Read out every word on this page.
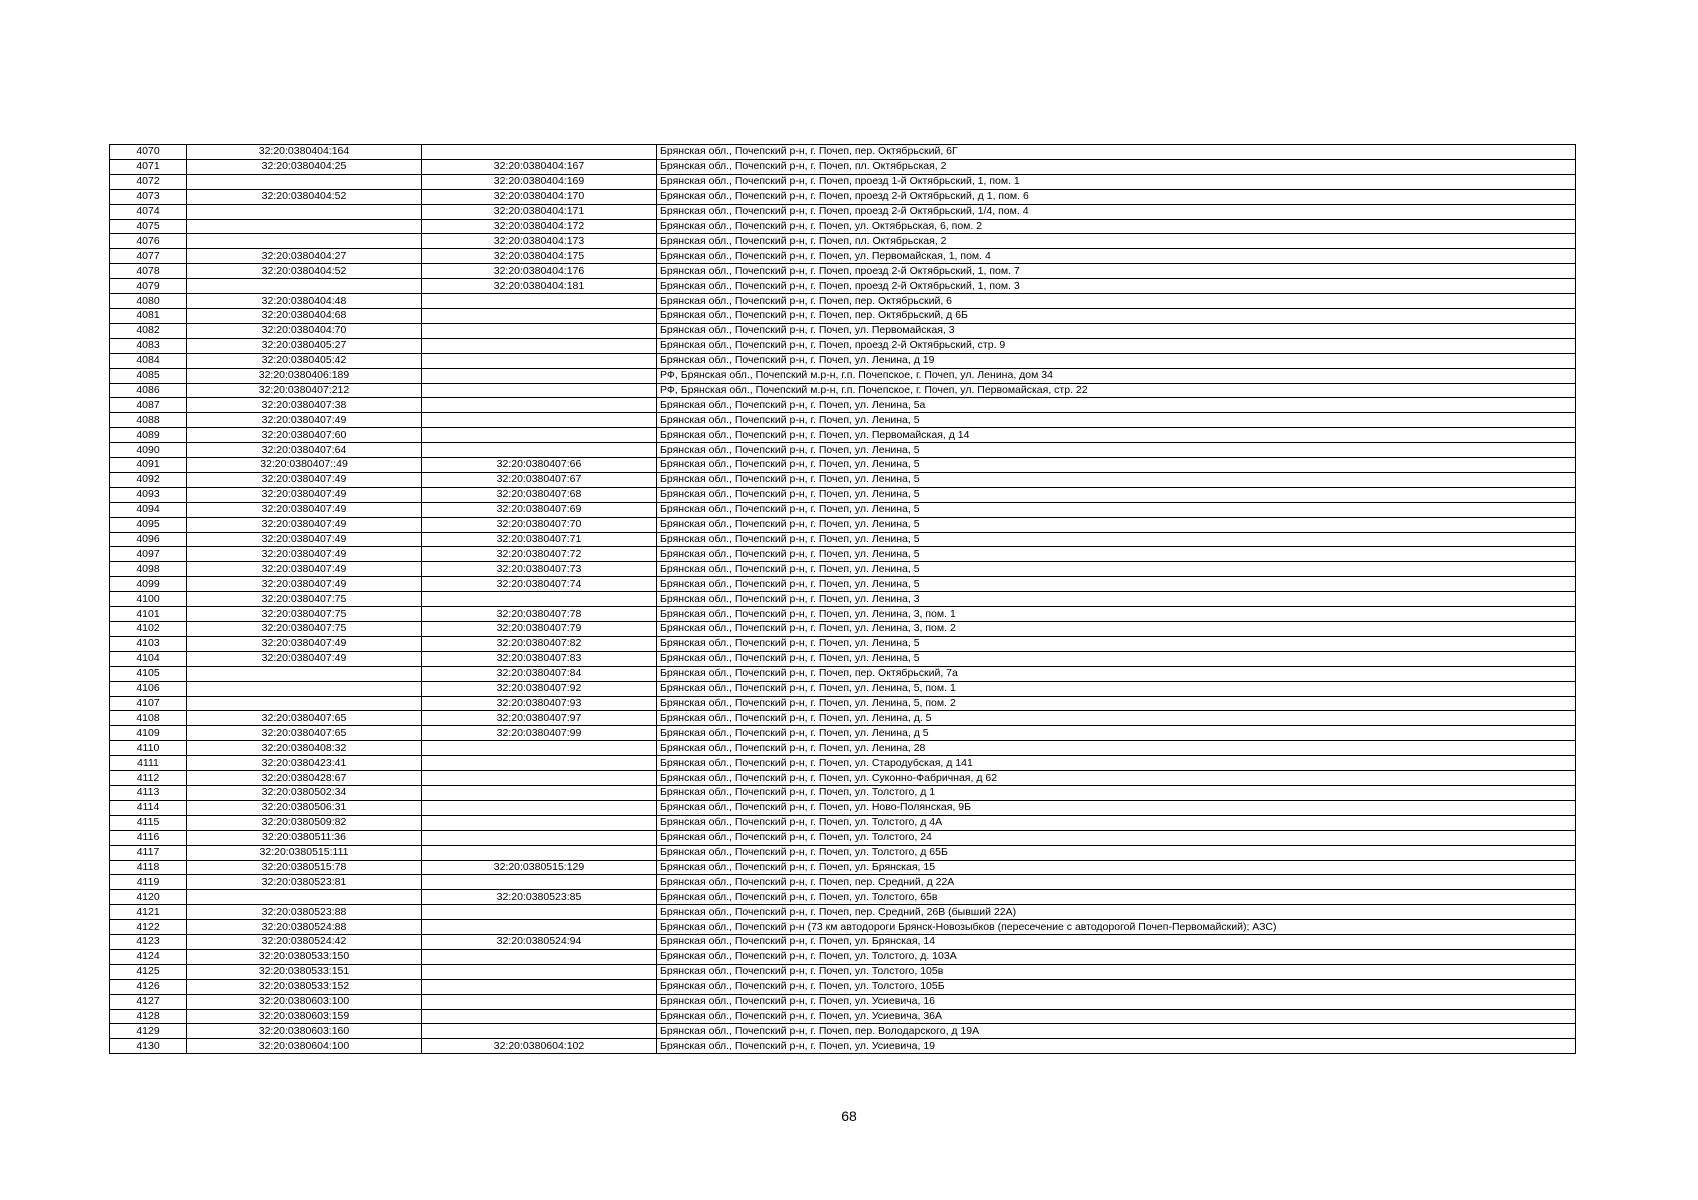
4070	32:20:0380404:164		Брянская обл., Почепский р-н, г. Почеп, пер. Октябрьский, 6Г
4071	32:20:0380404:25	32:20:0380404:167	Брянская обл., Почепский р-н, г. Почеп, пл. Октябрьская, 2
4072		32:20:0380404:169	Брянская обл., Почепский р-н, г. Почеп, проезд 1-й Октябрьский, 1, пом. 1
4073	32:20:0380404:52	32:20:0380404:170	Брянская обл., Почепский р-н, г. Почеп, проезд 2-й Октябрьский, д 1, пом. 6
4074		32:20:0380404:171	Брянская обл., Почепский р-н, г. Почеп, проезд 2-й Октябрьский, 1/4, пом. 4
4075		32:20:0380404:172	Брянская обл., Почепский р-н, г. Почеп, ул. Октябрьская, 6, пом. 2
4076		32:20:0380404:173	Брянская обл., Почепский р-н, г. Почеп, пл. Октябрьская, 2
4077	32:20:0380404:27	32:20:0380404:175	Брянская обл., Почепский р-н, г. Почеп, ул. Первомайская, 1, пом. 4
4078	32:20:0380404:52	32:20:0380404:176	Брянская обл., Почепский р-н, г. Почеп, проезд 2-й Октябрьский, 1, пом. 7
4079		32:20:0380404:181	Брянская обл., Почепский р-н, г. Почеп, проезд 2-й Октябрьский, 1, пом. 3
4080	32:20:0380404:48		Брянская обл., Почепский р-н, г. Почеп, пер. Октябрьский, 6
4081	32:20:0380404:68		Брянская обл., Почепский р-н, г. Почеп, пер. Октябрьский, д 6Б
4082	32:20:0380404:70		Брянская обл., Почепский р-н, г. Почеп, ул. Первомайская, 3
4083	32:20:0380405:27		Брянская обл., Почепский р-н, г. Почеп, проезд 2-й Октябрьский, стр. 9
4084	32:20:0380405:42		Брянская обл., Почепский р-н, г. Почеп, ул. Ленина, д 19
4085	32:20:0380406:189		РФ, Брянская обл., Почепский м.р-н, г.п. Почепское, г. Почеп, ул. Ленина, дом 34
4086	32:20:0380407:212		РФ, Брянская обл., Почепский м.р-н, г.п. Почепское, г. Почеп, ул. Первомайская, стр. 22
4087	32:20:0380407:38		Брянская обл., Почепский р-н, г. Почеп, ул. Ленина, 5а
4088	32:20:0380407:49		Брянская обл., Почепский р-н, г. Почеп, ул. Ленина, 5
4089	32:20:0380407:60		Брянская обл., Почепский р-н, г. Почеп, ул. Первомайская, д 14
4090	32:20:0380407:64		Брянская обл., Почепский р-н, г. Почеп, ул. Ленина, 5
4091	32:20:0380407::49	32:20:0380407:66	Брянская обл., Почепский р-н, г. Почеп, ул. Ленина, 5
4092	32:20:0380407:49	32:20:0380407:67	Брянская обл., Почепский р-н, г. Почеп, ул. Ленина, 5
4093	32:20:0380407:49	32:20:0380407:68	Брянская обл., Почепский р-н, г. Почеп, ул. Ленина, 5
4094	32:20:0380407:49	32:20:0380407:69	Брянская обл., Почепский р-н, г. Почеп, ул. Ленина, 5
4095	32:20:0380407:49	32:20:0380407:70	Брянская обл., Почепский р-н, г. Почеп, ул. Ленина, 5
4096	32:20:0380407:49	32:20:0380407:71	Брянская обл., Почепский р-н, г. Почеп, ул. Ленина, 5
4097	32:20:0380407:49	32:20:0380407:72	Брянская обл., Почепский р-н, г. Почеп, ул. Ленина, 5
4098	32:20:0380407:49	32:20:0380407:73	Брянская обл., Почепский р-н, г. Почеп, ул. Ленина, 5
4099	32:20:0380407:49	32:20:0380407:74	Брянская обл., Почепский р-н, г. Почеп, ул. Ленина, 5
4100	32:20:0380407:75		Брянская обл., Почепский р-н, г. Почеп, ул. Ленина, 3
4101	32:20:0380407:75	32:20:0380407:78	Брянская обл., Почепский р-н, г. Почеп, ул. Ленина, 3, пом. 1
4102	32:20:0380407:75	32:20:0380407:79	Брянская обл., Почепский р-н, г. Почеп, ул. Ленина, 3, пом. 2
4103	32:20:0380407:49	32:20:0380407:82	Брянская обл., Почепский р-н, г. Почеп, ул. Ленина, 5
4104	32:20:0380407:49	32:20:0380407:83	Брянская обл., Почепский р-н, г. Почеп, ул. Ленина, 5
4105		32:20:0380407:84	Брянская обл., Почепский р-н, г. Почеп, пер. Октябрьский, 7а
4106		32:20:0380407:92	Брянская обл., Почепский р-н, г. Почеп, ул. Ленина, 5, пом. 1
4107		32:20:0380407:93	Брянская обл., Почепский р-н, г. Почеп, ул. Ленина, 5, пом. 2
4108	32:20:0380407:65	32:20:0380407:97	Брянская обл., Почепский р-н, г. Почеп, ул. Ленина, д. 5
4109	32:20:0380407:65	32:20:0380407:99	Брянская обл., Почепский р-н, г. Почеп, ул. Ленина, д 5
4110	32:20:0380408:32		Брянская обл., Почепский р-н, г. Почеп, ул. Ленина, 28
4111	32:20:0380423:41		Брянская обл., Почепский р-н, г. Почеп, ул. Стародубская, д 141
4112	32:20:0380428:67		Брянская обл., Почепский р-н, г. Почеп, ул. Суконно-Фабричная, д 62
4113	32:20:0380502:34		Брянская обл., Почепский р-н, г. Почеп, ул. Толстого, д 1
4114	32:20:0380506:31		Брянская обл., Почепский р-н, г. Почеп, ул. Ново-Полянская, 9Б
4115	32:20:0380509:82		Брянская обл., Почепский р-н, г. Почеп, ул. Толстого, д 4А
4116	32:20:0380511:36		Брянская обл., Почепский р-н, г. Почеп, ул. Толстого, 24
4117	32:20:0380515:111		Брянская обл., Почепский р-н, г. Почеп, ул. Толстого, д 65Б
4118	32:20:0380515:78	32:20:0380515:129	Брянская обл., Почепский р-н, г. Почеп, ул. Брянская, 15
4119	32:20:0380523:81		Брянская обл., Почепский р-н, г. Почеп, пер. Средний, д 22А
4120		32:20:0380523:85	Брянская обл., Почепский р-н, г. Почеп, ул. Толстого, 65в
4121	32:20:0380523:88		Брянская обл., Почепский р-н, г. Почеп, пер. Средний, 26В (бывший 22А)
4122	32:20:0380524:88		Брянская обл., Почепский р-н (73 км автодороги Брянск-Новозыбков (пересечение с автодорогой Почеп-Первомайский); АЗС)
4123	32:20:0380524:42	32:20:0380524:94	Брянская обл., Почепский р-н, г. Почеп, ул. Брянская, 14
4124	32:20:0380533:150		Брянская обл., Почепский р-н, г. Почеп, ул. Толстого, д. 103А
4125	32:20:0380533:151		Брянская обл., Почепский р-н, г. Почеп, ул. Толстого, 105в
4126	32:20:0380533:152		Брянская обл., Почепский р-н, г. Почеп, ул. Толстого, 105Б
4127	32:20:0380603:100		Брянская обл., Почепский р-н, г. Почеп, ул. Усиевича, 16
4128	32:20:0380603:159		Брянская обл., Почепский р-н, г. Почеп, ул. Усиевича, 36А
4129	32:20:0380603:160		Брянская обл., Почепский р-н, г. Почеп, пер. Володарского, д 19А
4130	32:20:0380604:100	32:20:0380604:102	Брянская обл., Почепский р-н, г. Почеп, ул. Усиевича, 19
68
